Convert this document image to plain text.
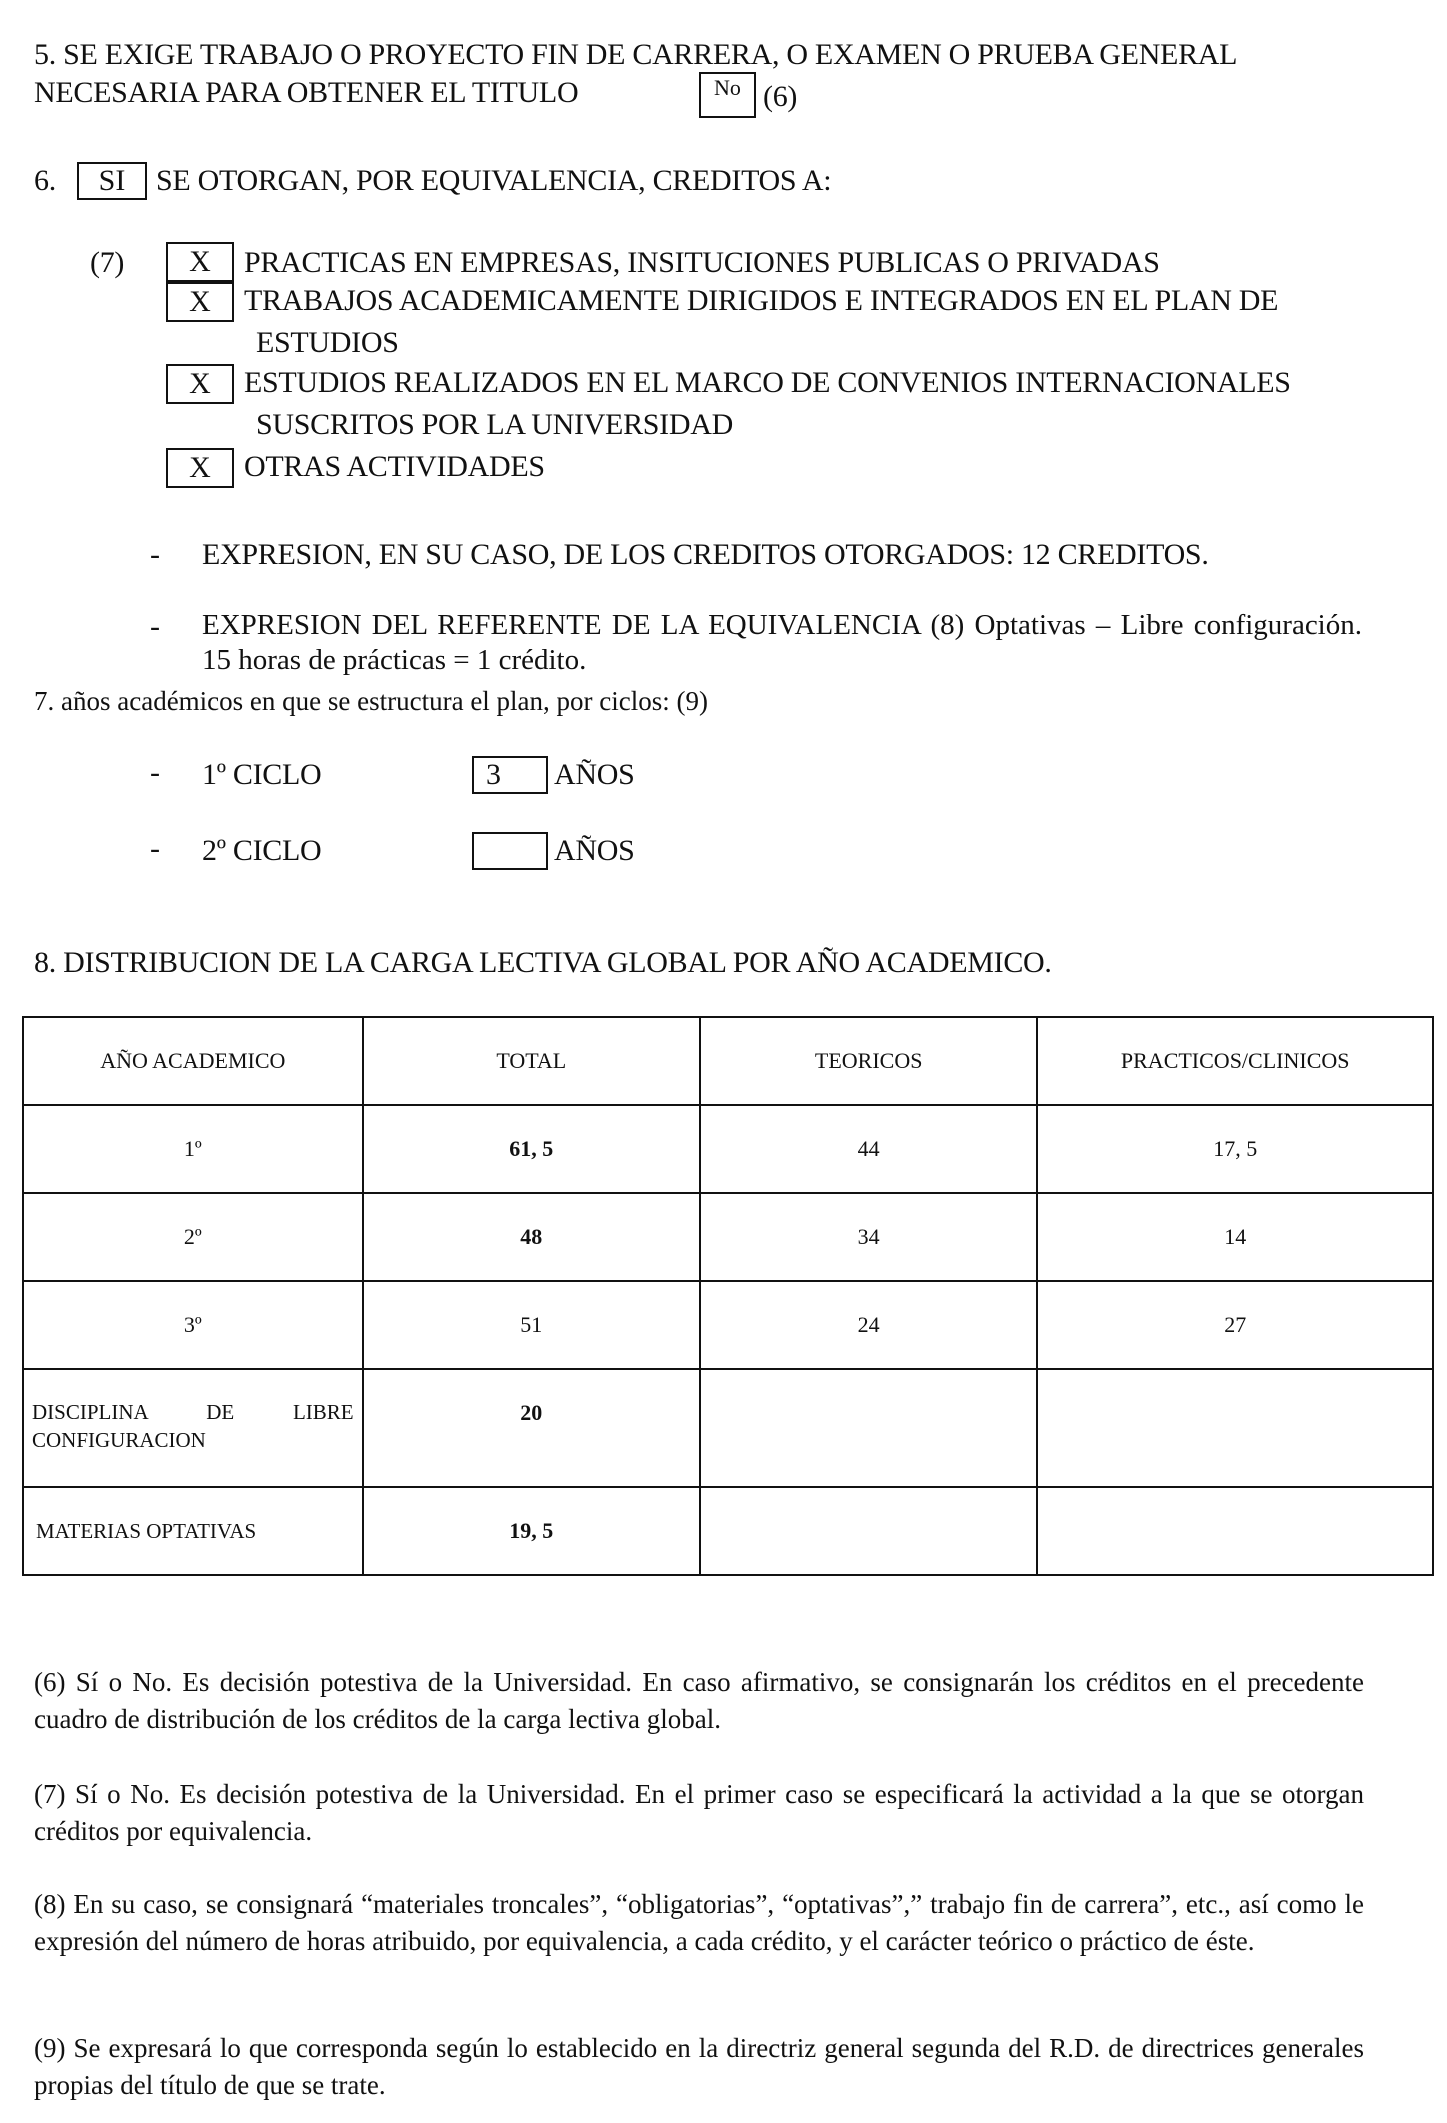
5. SE EXIGE TRABAJO O PROYECTO FIN DE CARRERA, O EXAMEN O PRUEBA GENERAL
NECESARIA PARA OBTENER EL TITULO	No (6)
6.	SI	SE OTORGAN, POR EQUIVALENCIA, CREDITOS A:
(7)	X	PRACTICAS EN EMPRESAS, INSITUCIONES PUBLICAS O PRIVADAS
X	TRABAJOS ACADEMICAMENTE DIRIGIDOS E INTEGRADOS EN EL PLAN DE
ESTUDIOS
X	ESTUDIOS REALIZADOS EN EL MARCO DE CONVENIOS INTERNACIONALES
SUSCRITOS POR LA UNIVERSIDAD
X	OTRAS ACTIVIDADES
- EXPRESION, EN SU CASO, DE LOS CREDITOS OTORGADOS: 12 CREDITOS.
- EXPRESION DEL REFERENTE DE LA EQUIVALENCIA (8) Optativas – Libre configuración. 15 horas de prácticas = 1 crédito.
7. años académicos en que se estructura el plan, por ciclos: (9)
- 1º CICLO	3	AÑOS
- 2º CICLO	AÑOS
8. DISTRIBUCION DE LA CARGA LECTIVA GLOBAL POR AÑO ACADEMICO.
AÑO ACADEMICO	TOTAL	TEORICOS	PRACTICOS/CLINICOS
1º	61, 5	44	17, 5
2º	48	34	14
3º	51	24	27
DISCIPLINA DE LIBRE CONFIGURACION	20		
MATERIAS OPTATIVAS	19, 5		
(6) Sí o No. Es decisión potestiva de la Universidad. En caso afirmativo, se consignarán los créditos en el precedente cuadro de distribución de los créditos de la carga lectiva global.
(7) Sí o No. Es decisión potestiva de la Universidad. En el primer caso se especificará la actividad a la que se otorgan créditos por equivalencia.
(8) En su caso, se consignará “materiales troncales”, “obligatorias”, “optativas”,” trabajo fin de carrera”, etc., así como le expresión del número de horas atribuido, por equivalencia, a cada crédito, y el carácter teórico o práctico de éste.
(9) Se expresará lo que corresponda según lo establecido en la directriz general segunda del R.D. de directrices generales propias del título de que se trate.
